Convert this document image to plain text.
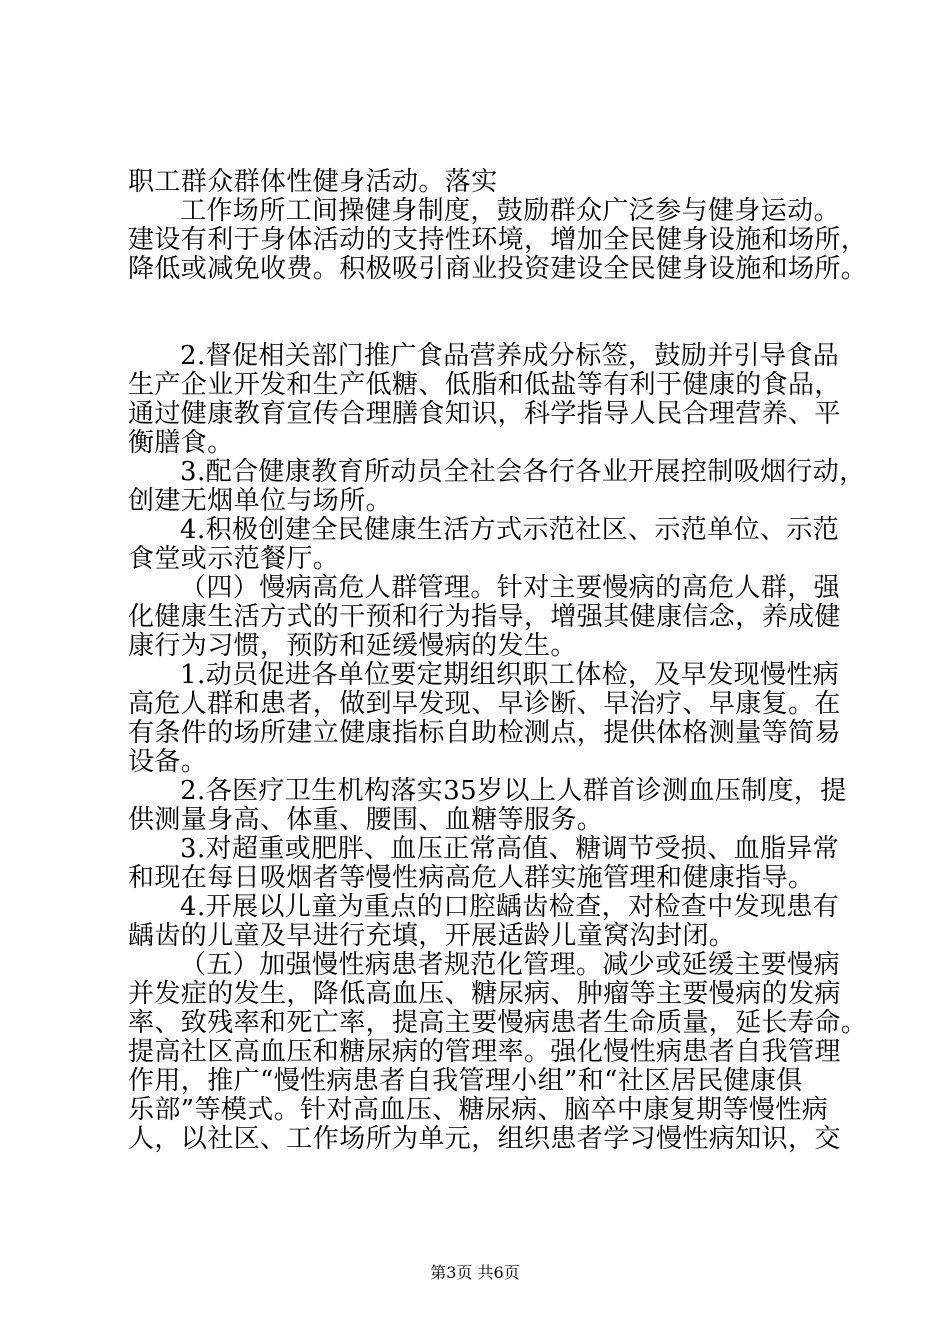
职工群众群体性健身活动。落实
工作场所工间操健身制度，鼓励群众广泛参与健身运动。
建设有利于身体活动的支持性环境，增加全民健身设施和场所，
降低或减免收费。积极吸引商业投资建设全民健身设施和场所。
2.督促相关部门推广食品营养成分标签，鼓励并引导食品
生产企业开发和生产低糖、低脂和低盐等有利于健康的食品，
通过健康教育宣传合理膳食知识，科学指导人民合理营养、平
衡膳食。
3.配合健康教育所动员全社会各行各业开展控制吸烟行动，
创建无烟单位与场所。
4.积极创建全民健康生活方式示范社区、示范单位、示范
食堂或示范餐厅。
（四）慢病高危人群管理。针对主要慢病的高危人群，强
化健康生活方式的干预和行为指导，增强其健康信念，养成健
康行为习惯，预防和延缓慢病的发生。
1.动员促进各单位要定期组织职工体检，及早发现慢性病
高危人群和患者，做到早发现、早诊断、早治疗、早康复。在
有条件的场所建立健康指标自助检测点，提供体格测量等简易
设备。
2.各医疗卫生机构落实35岁以上人群首诊测血压制度，提
供测量身高、体重、腰围、血糖等服务。
3.对超重或肥胖、血压正常高值、糖调节受损、血脂异常
和现在每日吸烟者等慢性病高危人群实施管理和健康指导。
4.开展以儿童为重点的口腔龋齿检查，对检查中发现患有
龋齿的儿童及早进行充填，开展适龄儿童窝沟封闭。
（五）加强慢性病患者规范化管理。减少或延缓主要慢病
并发症的发生，降低高血压、糖尿病、肿瘤等主要慢病的发病
率、致残率和死亡率，提高主要慢病患者生命质量，延长寿命。
提高社区高血压和糖尿病的管理率。强化慢性病患者自我管理
作用，推广“慢性病患者自我管理小组”和“社区居民健康俱
乐部”等模式。针对高血压、糖尿病、脑卒中康复期等慢性病
人，以社区、工作场所为单元，组织患者学习慢性病知识，交
第3页 共6页
